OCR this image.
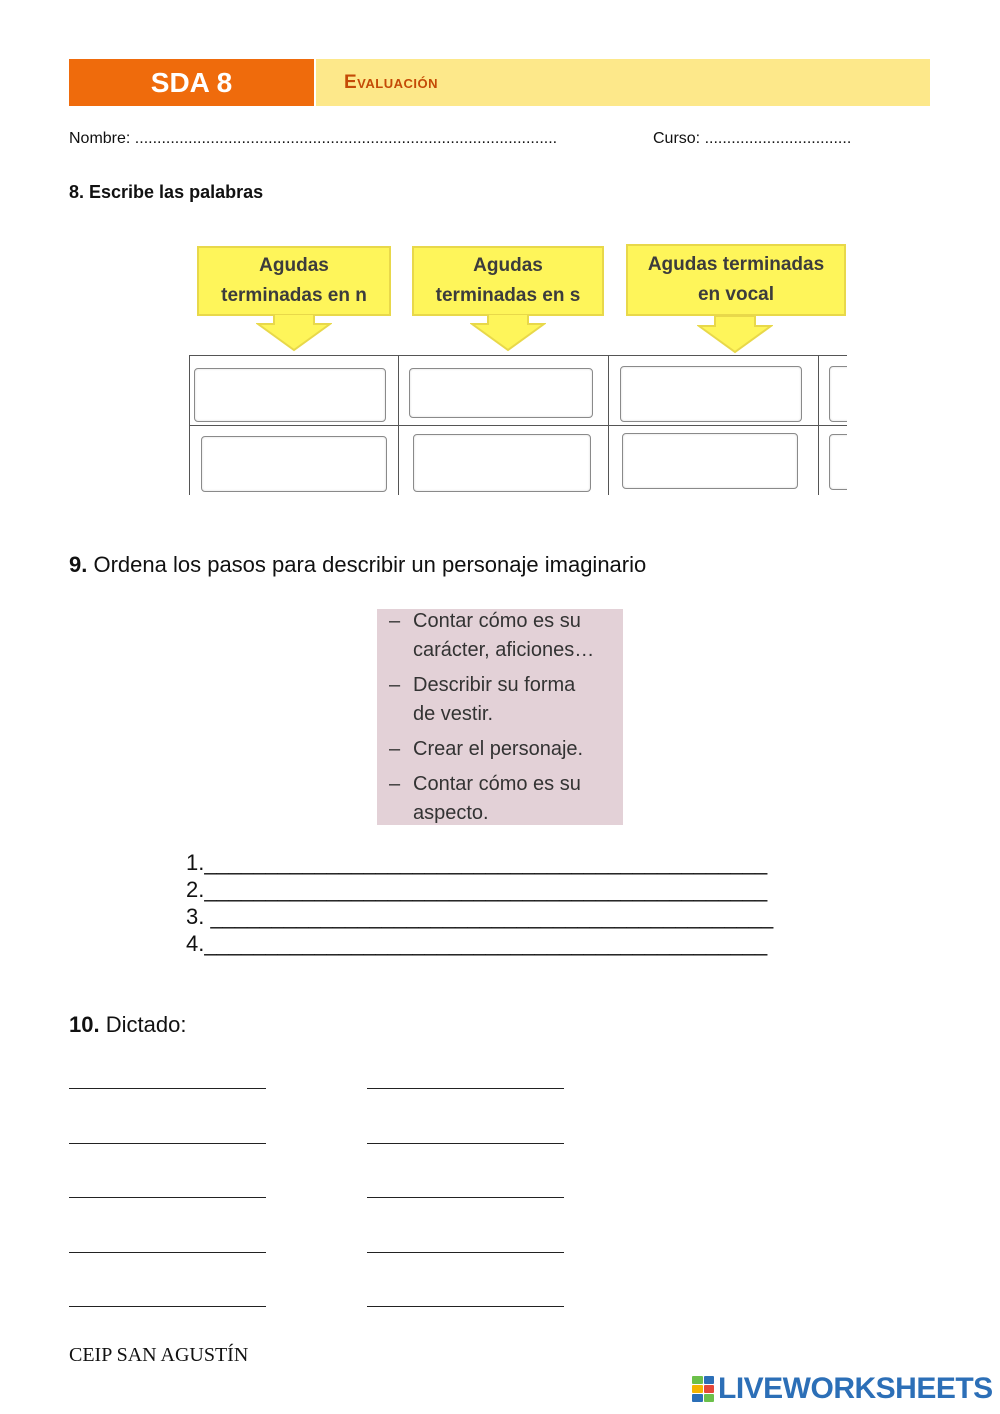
SDA 8	Evaluación
Nombre: ...............................................................................................	Curso: .................................
8. Escribe las palabras
Agudas terminadas en n
Agudas terminadas en s
Agudas terminadas en vocal

9. Ordena los pasos para describir un personaje imaginario
– Contar cómo es su carácter, aficiones…
– Describir su forma de vestir.
– Crear el personaje.
– Contar cómo es su aspecto.
1.______________________________________________
2.______________________________________________
3. ______________________________________________
4.______________________________________________
10. Dictado:
CEIP SAN AGUSTÍN
LIVEWORKSHEETS
